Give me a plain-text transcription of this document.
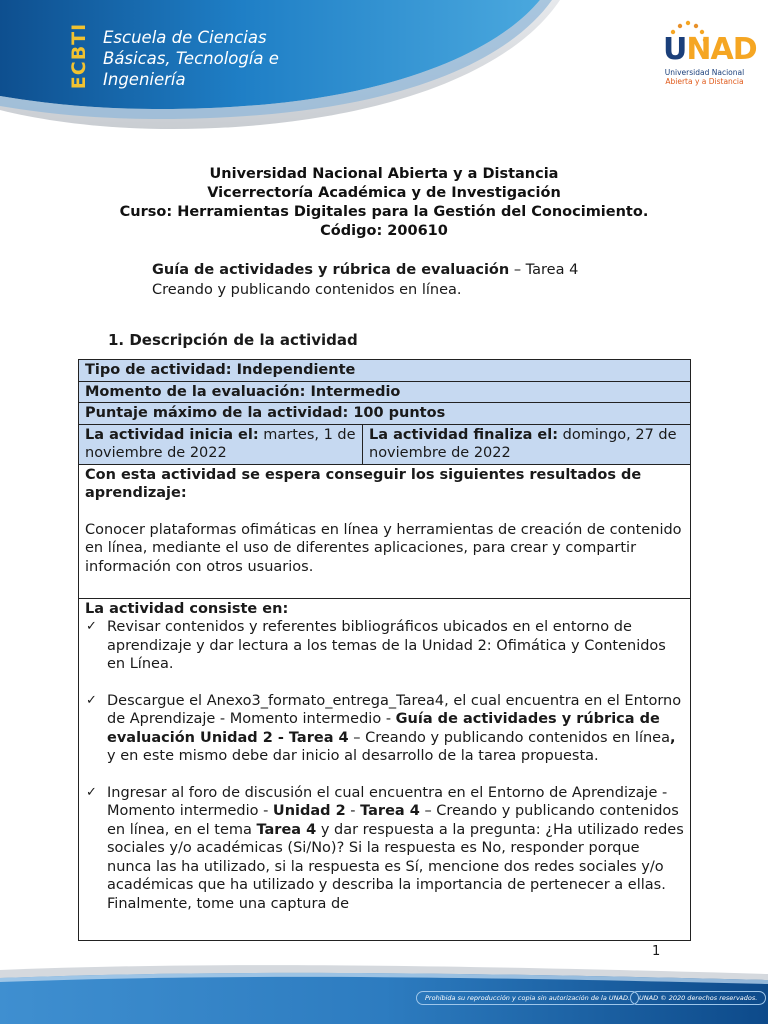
ECBTI Escuela de Ciencias
Básicas, Tecnología e
Ingeniería
UNAD
Universidad Nacional
Abierta y a Distancia
Universidad Nacional Abierta y a Distancia
Vicerrectoría Académica y de Investigación
Curso: Herramientas Digitales para la Gestión del Conocimiento.
Código: 200610
Guía de actividades y rúbrica de evaluación – Tarea 4
Creando y publicando contenidos en línea.
1. Descripción de la actividad
Tipo de actividad: Independiente
Momento de la evaluación: Intermedio
Puntaje máximo de la actividad: 100 puntos
La actividad inicia el: martes, 1 de noviembre de 2022	La actividad finaliza el: domingo, 27 de noviembre de 2022

Con esta actividad se espera conseguir los siguientes resultados de aprendizaje:

Conocer plataformas ofimáticas en línea y herramientas de creación de contenido en línea, mediante el uso de diferentes aplicaciones, para crear y compartir información con otros usuarios.

La actividad consiste en:

✓ Revisar contenidos y referentes bibliográficos ubicados en el entorno de aprendizaje y dar lectura a los temas de la Unidad 2: Ofimática y Contenidos en Línea.
✓ Descargue el Anexo3_formato_entrega_Tarea4, el cual encuentra en el Entorno de Aprendizaje - Momento intermedio - Guía de actividades y rúbrica de evaluación Unidad 2 - Tarea 4 – Creando y publicando contenidos en línea, y en este mismo debe dar inicio al desarrollo de la tarea propuesta.
✓ Ingresar al foro de discusión el cual encuentra en el Entorno de Aprendizaje - Momento intermedio - Unidad 2 - Tarea 4 – Creando y publicando contenidos en línea, en el tema Tarea 4 y dar respuesta a la pregunta: ¿Ha utilizado redes sociales y/o académicas (Si/No)? Si la respuesta es No, responder porque nunca las ha utilizado, si la respuesta es Sí, mencione dos redes sociales y/o académicas que ha utilizado y describa la importancia de pertenecer a ellas. Finalmente, tome una captura de
1
Prohibida su reproducción y copia sin autorización de la UNAD.	UNAD © 2020 derechos reservados.
